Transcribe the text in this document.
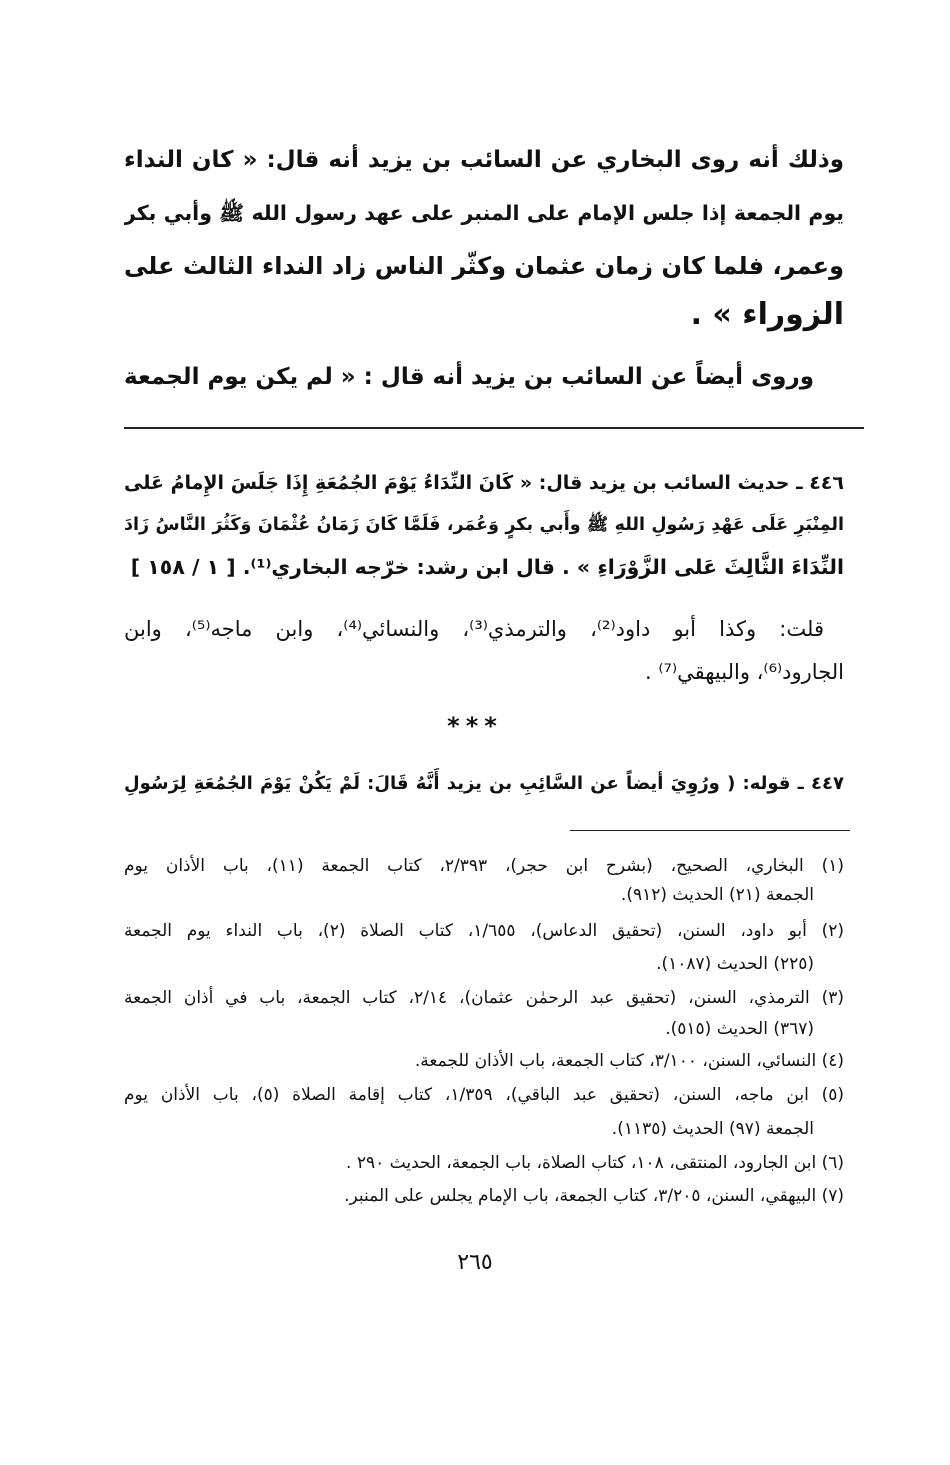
وذلك أنه روى البخاري عن السائب بن يزيد أنه قال: « كان النداء
يوم الجمعة إذا جلس الإمام على المنبر على عهد رسول الله ﷺ وأبي بكر
وعمر، فلما كان زمان عثمان وكثّر الناس زاد النداء الثالث على
الزوراء » .
وروى أيضاً عن السائب بن يزيد أنه قال : « لم يكن يوم الجمعة
٤٤٦ ـ حديث السائب بن يزيد قال: « كَانَ النِّدَاءُ يَوْمَ الجُمُعَةِ إِذَا جَلَسَ الإِمامُ عَلى
المِنْبَرِ عَلَى عَهْدِ رَسُولِ اللهِ ﷺ وأَبي بكرٍ وَعُمَر، فَلَمَّا كَانَ زَمَانُ عُثْمَانَ وَكَثُرَ النَّاسُ زَادَ
النِّدَاءَ الثَّالِثَ عَلى الزَّوْرَاءِ » . قال ابن رشد: خرّجه البخاري⁽¹⁾. [ ١ / ١٥٨ ]
قلت: وكذا أبو داود⁽²⁾، والترمذي⁽³⁾، والنسائي⁽⁴⁾، وابن ماجه⁽⁵⁾، وابن
الجارود⁽⁶⁾، والبيهقي⁽⁷⁾ .
***
٤٤٧ ـ قوله: ( ورُوِيَ أيضاً عن السَّائِبِ بن يزيد أَنَّهُ قَالَ: لَمْ يَكُنْ يَوْمَ الجُمُعَةِ لِرَسُولِ
(١) البخاري، الصحيح، (بشرح ابن حجر)، ٢/٣٩٣، كتاب الجمعة (١١)، باب الأذان يوم
الجمعة (٢١) الحديث (٩١٢).
(٢) أبو داود، السنن، (تحقيق الدعاس)، ١/٦٥٥، كتاب الصلاة (٢)، باب النداء يوم الجمعة
(٢٢٥) الحديث (١٠٨٧).
(٣) الترمذي، السنن، (تحقيق عبد الرحمٰن عثمان)، ٢/١٤، كتاب الجمعة، باب في أذان الجمعة
(٣٦٧) الحديث (٥١٥).
(٤) النسائي، السنن، ٣/١٠٠، كتاب الجمعة، باب الأذان للجمعة.
(٥) ابن ماجه، السنن، (تحقيق عبد الباقي)، ١/٣٥٩، كتاب إقامة الصلاة (٥)، باب الأذان يوم
الجمعة (٩٧) الحديث (١١٣٥).
(٦) ابن الجارود، المنتقى، ١٠٨، كتاب الصلاة، باب الجمعة، الحديث ٢٩٠ .
(٧) البيهقي، السنن، ٣/٢٠٥، كتاب الجمعة، باب الإمام يجلس على المنبر.
٢٦٥
